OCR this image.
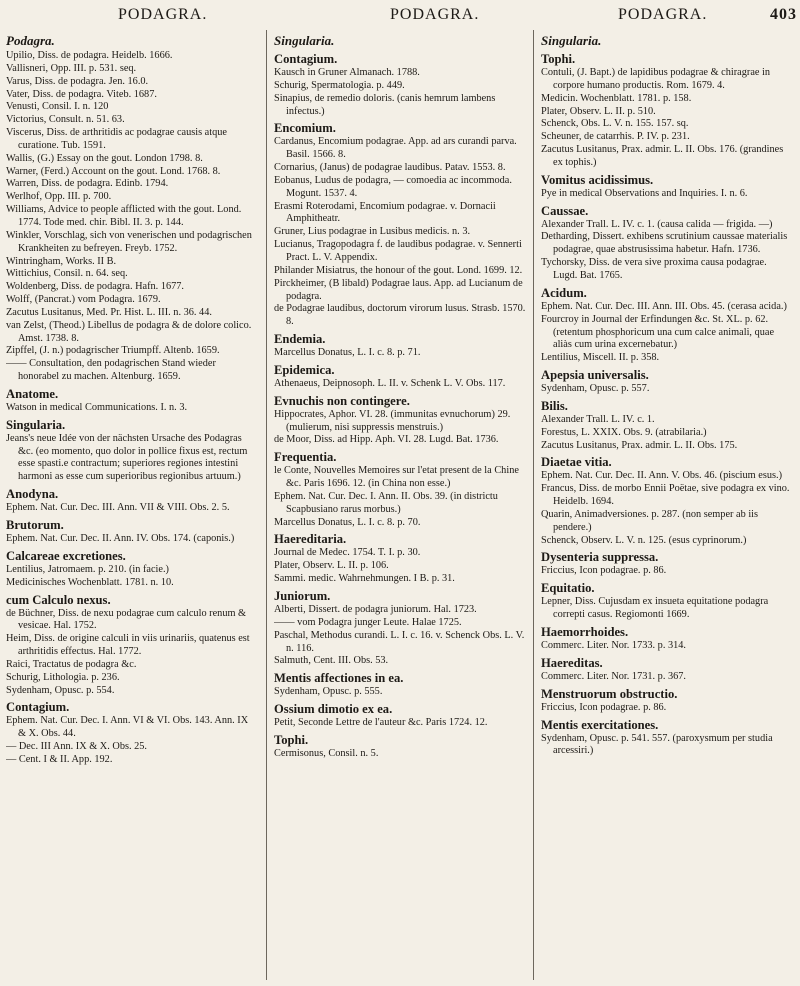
PODAGRA.	PODAGRA.	PODAGRA.	403
Podagra.
Upilio, Diss. de podagra. Heidelb. 1666.
Vallisneri, Opp. III. p. 531. seq.
Varus, Diss. de podagra. Jen. 16.0.
Vater, Diss. de podagra. Viteb. 1687.
Venusti, Consil. I. n. 120
Victorius, Consult. n. 51. 63.
Viscerus, Diss. de arthritidis ac podagrae causis atque curatione. Tub. 1591.
Wallis, (G.) Essay on the gout. London 1798. 8.
Warner, (Ferd.) Account on the gout. Lond. 1768. 8.
Warren, Diss. de podagra. Edinb. 1794.
Werlhof, Opp. III. p. 700.
Williams, Advice to people afflicted with the gout. Lond. 1774. Tode med. chir. Bibl. II. 3. p. 144.
Winkler, Vorschlag, sich von venerischen und podagrischen Krankheiten zu befreyen. Freyb. 1752.
Wintringham, Works. II B.
Wittichius, Consil. n. 64. seq.
Woldenberg, Diss. de podagra. Hafn. 1677.
Wolff, (Pancrat.) vom Podagra. 1679.
Zacutus Lusitanus, Med. Pr. Hist. L. III. n. 36. 44.
van Zelst, (Theod.) Libellus de podagra & de dolore colico. Amst. 1738. 8.
Zipffel, (J. n.) podagrischer Triumpff. Altenb. 1659.
—— Consultation, den podagrischen Stand wieder honorabel zu machen. Altenburg. 1659.
Anatome.
Watson in medical Communications. I. n. 3.
Singularia.
Jeans's neue Idée von der nächsten Ursache des Podagras &c. (eo momento, quo dolor in pollice fixus est, rectum esse spasti.e contractum; superiores regiones intestini harmoni as esse cum superioribus regionibus artuum.)
Anodyna.
Ephem. Nat. Cur. Dec. III. Ann. VII & VIII. Obs. 2. 5.
Brutorum.
Ephem. Nat. Cur. Dec. II. Ann. IV. Obs. 174. (caponis.)
Calcareae excretiones.
Lentilius, Jatromaem. p. 210. (in facie.)
Medicinisches Wochenblatt. 1781. n. 10.
cum Calculo nexus.
de Büchner, Diss. de nexu podagrae cum calculo renum & vesicae. Hal. 1752.
Heim, Diss. de origine calculi in viis urinariis, quatenus est arthritidis effectus. Hal. 1772.
Raici, Tractatus de podagra &c.
Schurig, Lithologia. p. 236.
Sydenham, Opusc. p. 554.
Contagium.
Ephem. Nat. Cur. Dec. I. Ann. VI & VI. Obs. 143. Ann. IX & X. Obs. 44.
— Dec. III Ann. IX & X. Obs. 25.
— Cent. I & II. App. 192.
Singularia.
Contagium.
Kausch in Gruner Almanach. 1788.
Schurig, Spermatologia. p. 449.
Sinapius, de remedio doloris. (canis hemrum lambens infectus.)
Encomium.
Cardanus, Encomium podagrae. App. ad ars curandi parva. Basil. 1566. 8.
Cornarius, (Janus) de podagrae laudibus. Patav. 1553. 8.
Eobanus, Ludus de podagra, — comoedia ac incommoda. Mogunt. 1537. 4.
Erasmi Roterodami, Encomium podagrae. v. Dornacii Amphitheatr.
Gruner, Lius podagrae in Lusibus medicis. n. 3.
Lucianus, Tragopodagra f. de laudibus podagrae. v. Sennerti Pract. L. V. Appendix.
Philander Misiatrus, the honour of the gout. Lond. 1699. 12.
Pirckheimer, (B libald) Podagrae laus. App. ad Lucianum de podagra.
de Podagrae laudibus, doctorum virorum lusus. Strasb. 1570. 8.
Endemia.
Marcellus Donatus, L. I. c. 8. p. 71.
Epidemica.
Athenaeus, Deipnosoph. L. II. v. Schenk L. V. Obs. 117.
Evnuchis non contingere.
Hippocrates, Aphor. VI. 28. (immunitas evnuchorum) 29. (mulierum, nisi suppressis menstruis.)
de Moor, Diss. ad Hipp. Aph. VI. 28. Lugd. Bat. 1736.
Frequentia.
le Conte, Nouvelles Memoires sur l'etat present de la Chine &c. Paris 1696. 12. (in China non esse.)
Ephem. Nat. Cur. Dec. I. Ann. II. Obs. 39. (in districtu Scapbusiano rarus morbus.)
Marcellus Donatus, L. I. c. 8. p. 70.
Haereditaria.
Journal de Medec. 1754. T. I. p. 30.
Plater, Observ. L. II. p. 106.
Sammi. medic. Wahrnehmungen. I B. p. 31.
Juniorum.
Alberti, Dissert. de podagra juniorum. Hal. 1723.
—— vom Podagra junger Leute. Halae 1725.
Paschal, Methodus curandi. L. I. c. 16. v. Schenck Obs. L. V. n. 116.
Salmuth, Cent. III. Obs. 53.
Mentis affectiones in ea.
Sydenham, Opusc. p. 555.
Ossium dimotio ex ea.
Petit, Seconde Lettre de l'auteur &c. Paris 1724. 12.
Tophi.
Cermisonus, Consil. n. 5.
Singularia.
Tophi.
Contuli, (J. Bapt.) de lapidibus podagrae & chiragrae in corpore humano productis. Rom. 1679. 4.
Medicin. Wochenblatt. 1781. p. 158.
Plater, Observ. L. II. p. 510.
Schenck, Obs. L. V. n. 155. 157. sq.
Scheuner, de catarrhis. P. IV. p. 231.
Zacutus Lusitanus, Prax. admir. L. II. Obs. 176. (grandines ex tophis.)
Vomitus acidissimus.
Pye in medical Observations and Inquiries. I. n. 6.
Caussae.
Alexander Trall. L. IV. c. 1. (causa calida — frigida. —)
Detharding, Dissert. exhibens scrutinium caussae materialis podagrae, quae abstrusissima habetur. Hafn. 1736.
Tychorsky, Diss. de vera sive proxima causa podagrae. Lugd. Bat. 1765.
Acidum.
Ephem. Nat. Cur. Dec. III. Ann. III. Obs. 45. (cerasa acida.)
Fourcroy in Journal der Erfindungen &c. St. XL. p. 62. (retentum phosphoricum una cum calce animali, quae aliàs cum urina excernebatur.)
Lentilius, Miscell. II. p. 358.
Apepsia universalis.
Sydenham, Opusc. p. 557.
Bilis.
Alexander Trall. L. IV. c. 1.
Forestus, L. XXIX. Obs. 9. (atrabilaria.)
Zacutus Lusitanus, Prax. admir. L. II. Obs. 175.
Diaetae vitia.
Ephem. Nat. Cur. Dec. II. Ann. V. Obs. 46. (piscium esus.)
Francus, Diss. de morbo Ennii Poëtae, sive podagra ex vino. Heidelb. 1694.
Quarin, Animadversiones. p. 287. (non semper ab iis pendere.)
Schenck, Observ. L. V. n. 125. (esus cyprinorum.)
Dysenteria suppressa.
Friccius, Icon podagrae. p. 86.
Equitatio.
Lepner, Diss. Cujusdam ex insueta equitatione podagra correpti casus. Regiomonti 1669.
Haemorrhoides.
Commerc. Liter. Nor. 1733. p. 314.
Haereditas.
Commerc. Liter. Nor. 1731. p. 367.
Menstruorum obstructio.
Friccius, Icon podagrae. p. 86.
Mentis exercitationes.
Sydenham, Opusc. p. 541. 557. (paroxysmum per studia arcessiri.)
